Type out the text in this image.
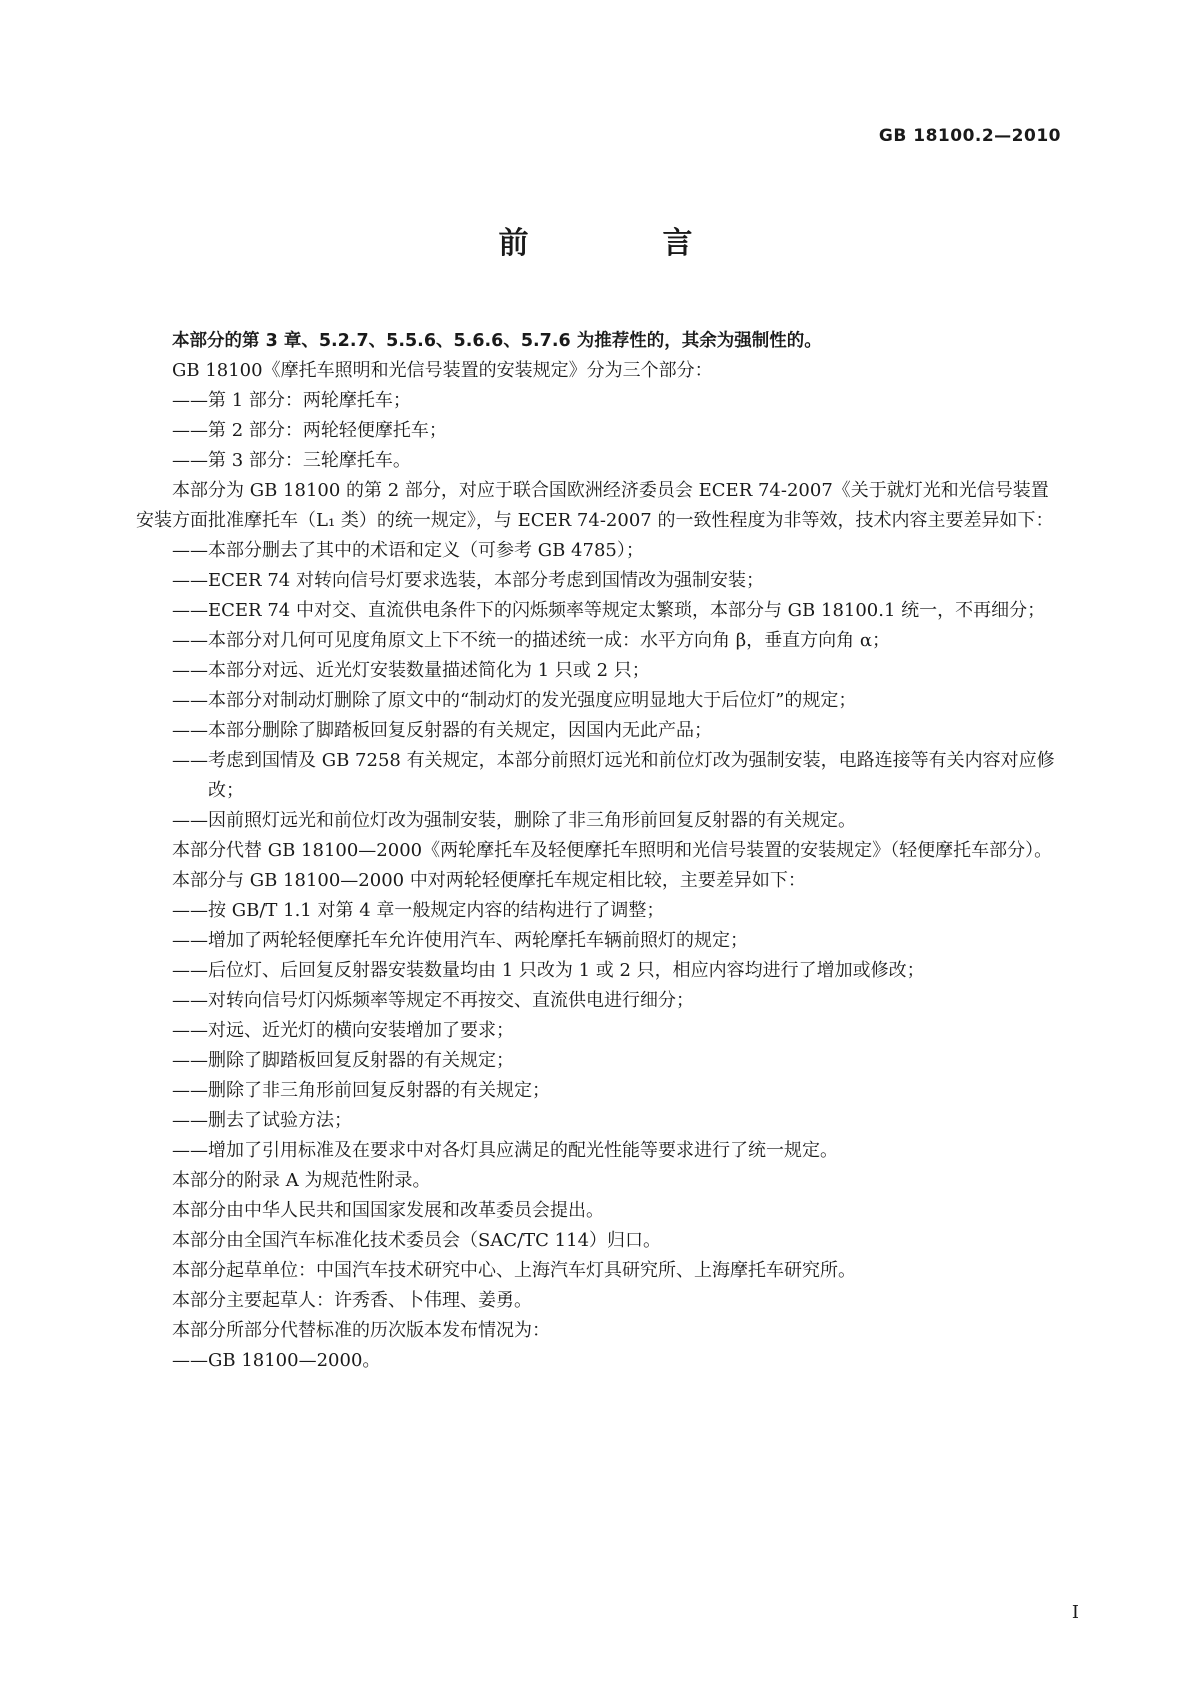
GB 18100.2—2010
前　言

本部分的第 3 章、5.2.7、5.5.6、5.6.6、5.7.6 为推荐性的，其余为强制性的。

GB 18100《摩托车照明和光信号装置的安装规定》分为三个部分：

——第 1 部分：两轮摩托车；

——第 2 部分：两轮轻便摩托车；

——第 3 部分：三轮摩托车。

本部分为 GB 18100 的第 2 部分，对应于联合国欧洲经济委员会 ECER 74-2007《关于就灯光和光信号装置安装方面批准摩托车（L₁ 类）的统一规定》，与 ECER 74-2007 的一致性程度为非等效，技术内容主要差异如下：

——本部分删去了其中的术语和定义（可参考 GB 4785）；

——ECER 74 对转向信号灯要求选装，本部分考虑到国情改为强制安装；

——ECER 74 中对交、直流供电条件下的闪烁频率等规定太繁琐，本部分与 GB 18100.1 统一，不再细分；

——本部分对几何可见度角原文上下不统一的描述统一成：水平方向角 β，垂直方向角 α；

——本部分对远、近光灯安装数量描述简化为 1 只或 2 只；

——本部分对制动灯删除了原文中的“制动灯的发光强度应明显地大于后位灯”的规定；

——本部分删除了脚踏板回复反射器的有关规定，因国内无此产品；

——考虑到国情及 GB 7258 有关规定，本部分前照灯远光和前位灯改为强制安装，电路连接等有关内容对应修改；

——因前照灯远光和前位灯改为强制安装，删除了非三角形前回复反射器的有关规定。

本部分代替 GB 18100—2000《两轮摩托车及轻便摩托车照明和光信号装置的安装规定》（轻便摩托车部分）。

本部分与 GB 18100—2000 中对两轮轻便摩托车规定相比较，主要差异如下：

——按 GB/T 1.1 对第 4 章一般规定内容的结构进行了调整；

——增加了两轮轻便摩托车允许使用汽车、两轮摩托车辆前照灯的规定；

——后位灯、后回复反射器安装数量均由 1 只改为 1 或 2 只，相应内容均进行了增加或修改；

——对转向信号灯闪烁频率等规定不再按交、直流供电进行细分；

——对远、近光灯的横向安装增加了要求；

——删除了脚踏板回复反射器的有关规定；

——删除了非三角形前回复反射器的有关规定；

——删去了试验方法；

——增加了引用标准及在要求中对各灯具应满足的配光性能等要求进行了统一规定。

本部分的附录 A 为规范性附录。

本部分由中华人民共和国国家发展和改革委员会提出。

本部分由全国汽车标准化技术委员会（SAC/TC 114）归口。

本部分起草单位：中国汽车技术研究中心、上海汽车灯具研究所、上海摩托车研究所。

本部分主要起草人：许秀香、卜伟理、姜勇。

本部分所部分代替标准的历次版本发布情况为：

——GB 18100—2000。

I
